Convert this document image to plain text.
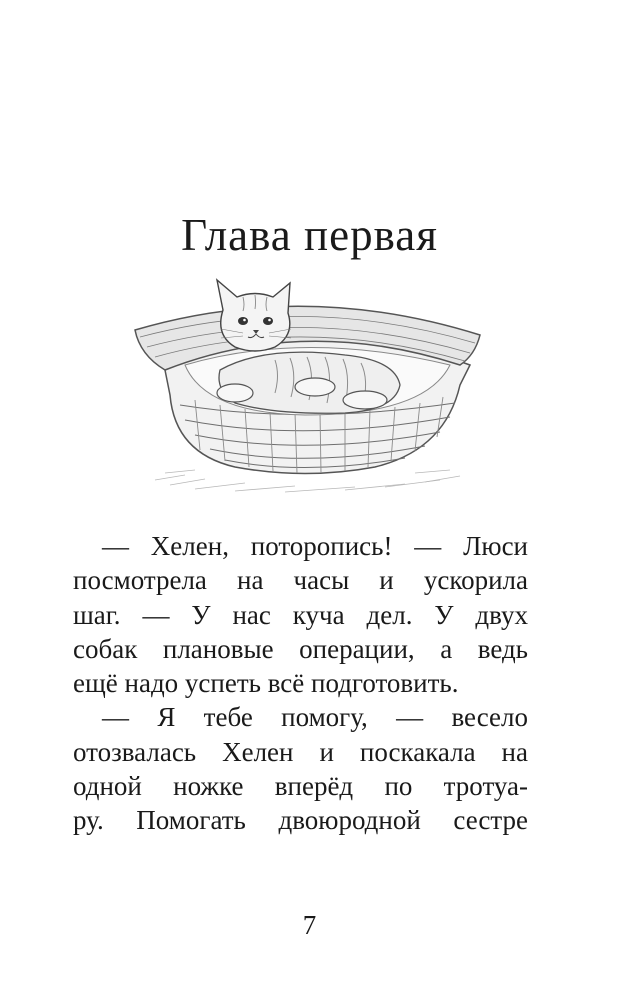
Глава первая
— Хелен, поторопись! — Люси
посмотрела на часы и ускорила
шаг. — У нас куча дел. У двух
собак плановые операции, а ведь
ещё надо успеть всё подготовить.
— Я тебе помогу, — весело
отозвалась Хелен и поскакала на
одной ножке вперёд по тротуа-
ру. Помогать двоюродной сестре
7
